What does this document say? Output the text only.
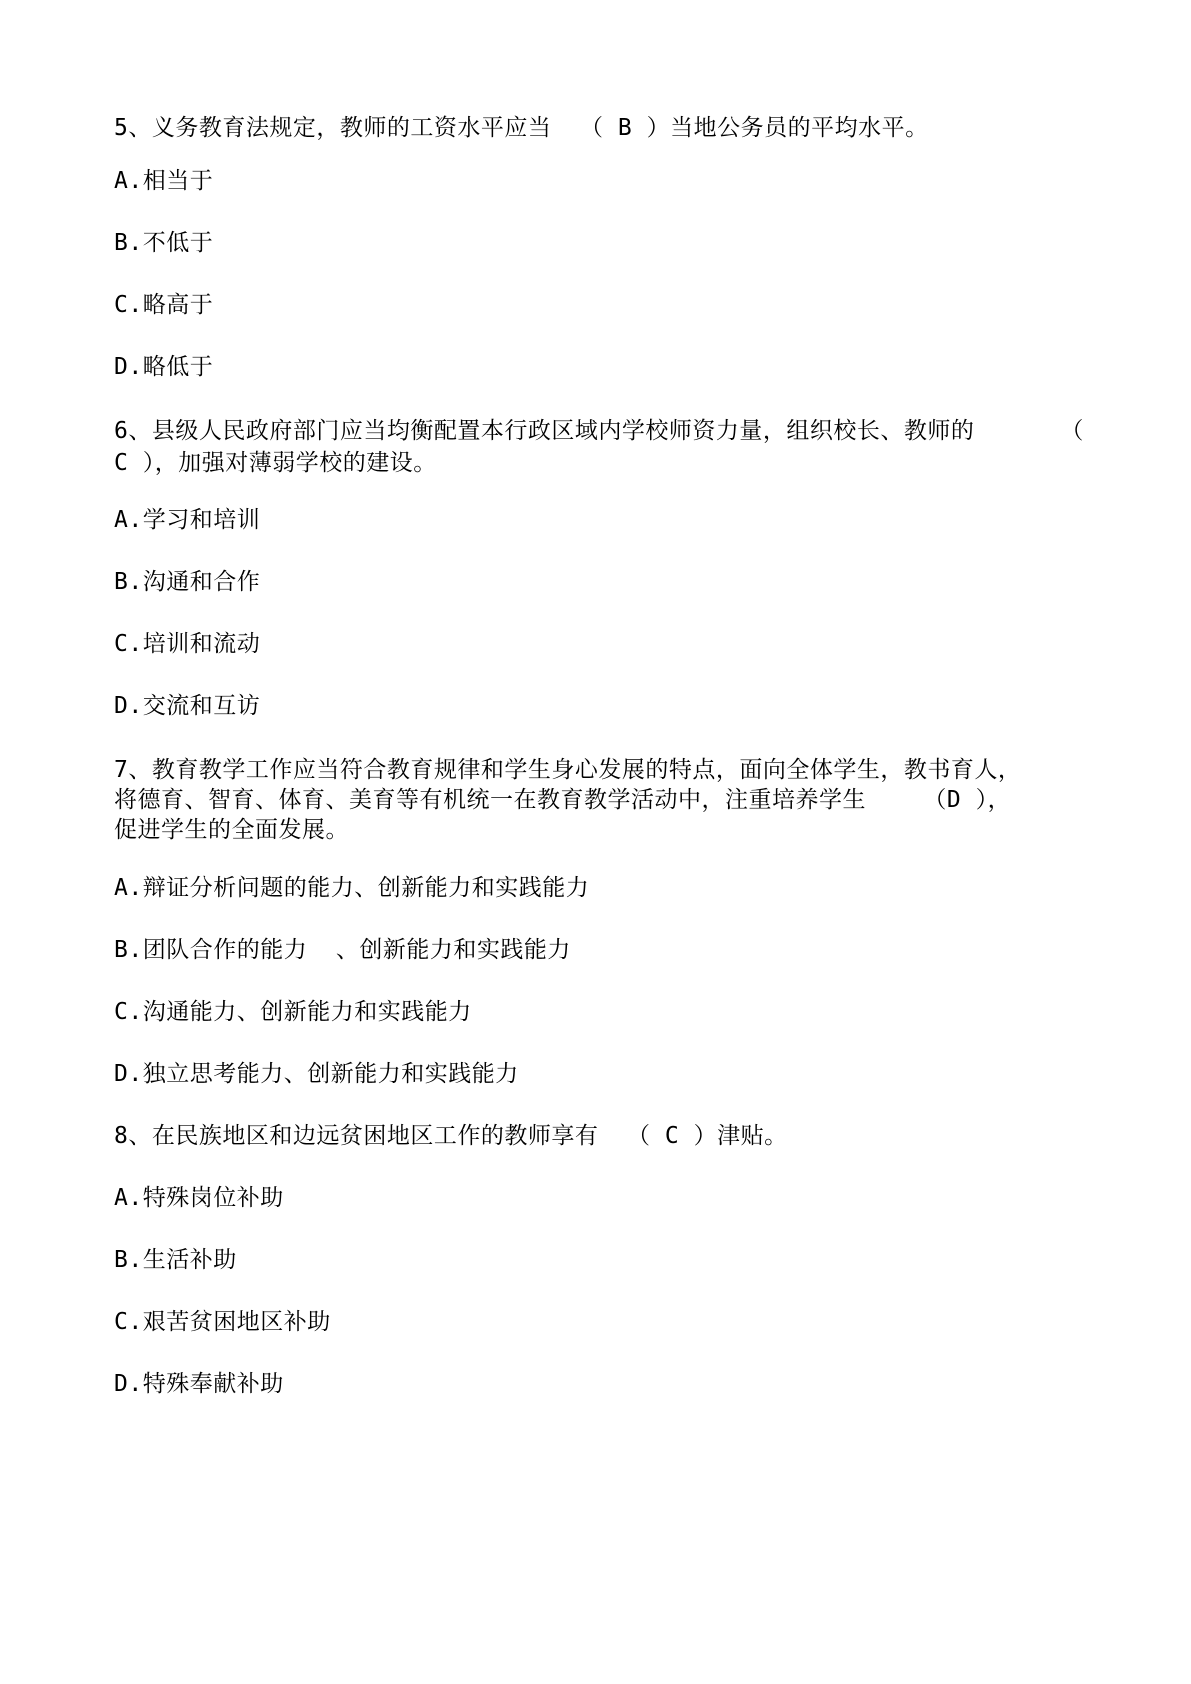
5、义务教育法规定，教师的工资水平应当  （ B ）当地公务员的平均水平。
A.相当于
B.不低于
C.略高于
D.略低于
6、县级人民政府部门应当均衡配置本行政区域内学校师资力量，组织校长、教师的      （
C ），加强对薄弱学校的建设。
A.学习和培训
B.沟通和合作
C.培训和流动
D.交流和互访
7、教育教学工作应当符合教育规律和学生身心发展的特点，面向全体学生，教书育人，
将德育、智育、体育、美育等有机统一在教育教学活动中，注重培养学生    （D ），
促进学生的全面发展。
A.辩证分析问题的能力、创新能力和实践能力
B.团队合作的能力  、创新能力和实践能力
C.沟通能力、创新能力和实践能力
D.独立思考能力、创新能力和实践能力
8、在民族地区和边远贫困地区工作的教师享有  （ C ）津贴。
A.特殊岗位补助
B.生活补助
C.艰苦贫困地区补助
D.特殊奉献补助
